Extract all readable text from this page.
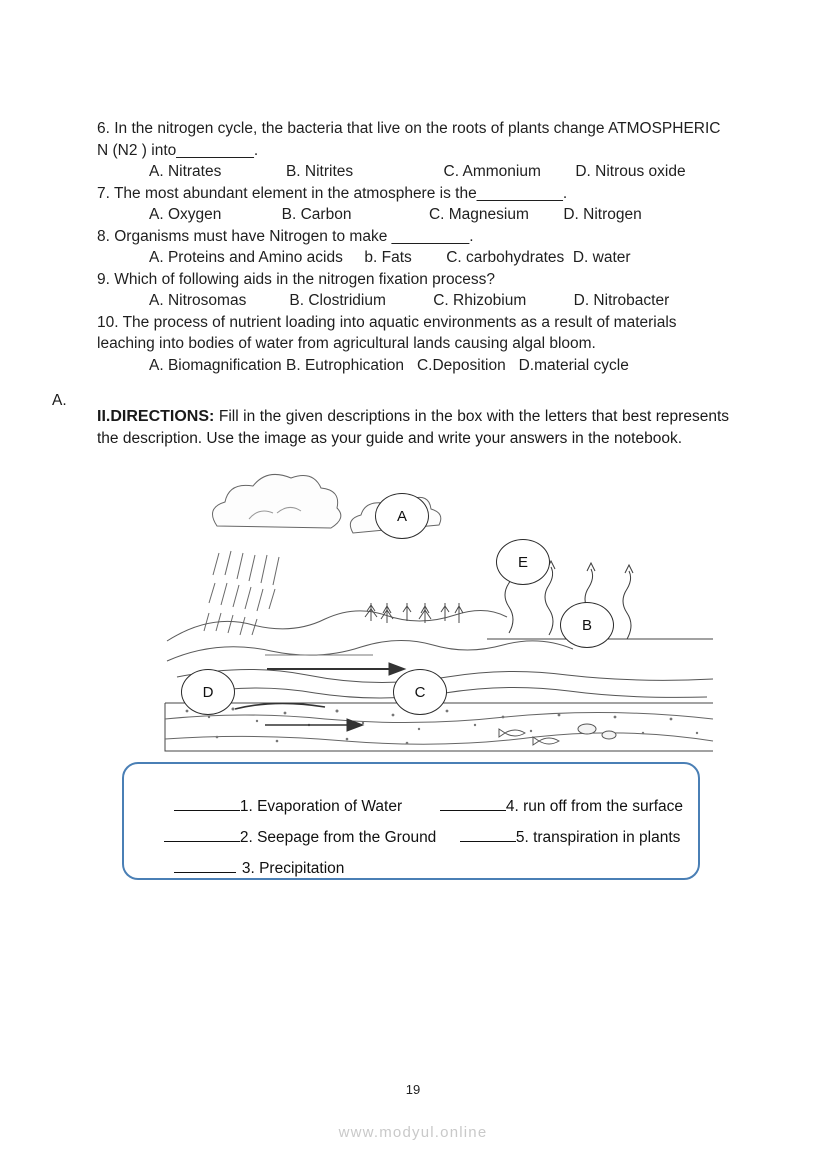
6. In the nitrogen cycle, the bacteria that live on the roots of plants change ATMOSPHERIC N (N2 ) into_________.
A. Nitrates               B. Nitrites                     C. Ammonium        D. Nitrous oxide
7. The most abundant element in the atmosphere is the__________.
A. Oxygen              B. Carbon                  C. Magnesium        D. Nitrogen
8. Organisms must have Nitrogen to make _________.
A. Proteins and Amino acids     b. Fats        C. carbohydrates  D. water
9. Which of following aids in the nitrogen fixation process?
A. Nitrosomas          B. Clostridium           C. Rhizobium           D. Nitrobacter
10. The process of nutrient loading into aquatic environments as a result of materials leaching into bodies of water from agricultural lands causing algal bloom.
A. Biomagnification B. Eutrophication   C.Deposition   D.material cycle
II.DIRECTIONS: Fill in the given descriptions in the box with the letters that best represents the description. Use the image as your guide and write your answers in the notebook.
A
E
B
D	C
A.

1. Evaporation of Water
	4. run off from the surface

2. Seepage from the Ground
	5. transpiration in plants

3. Precipitation

19
www.modyul.online
